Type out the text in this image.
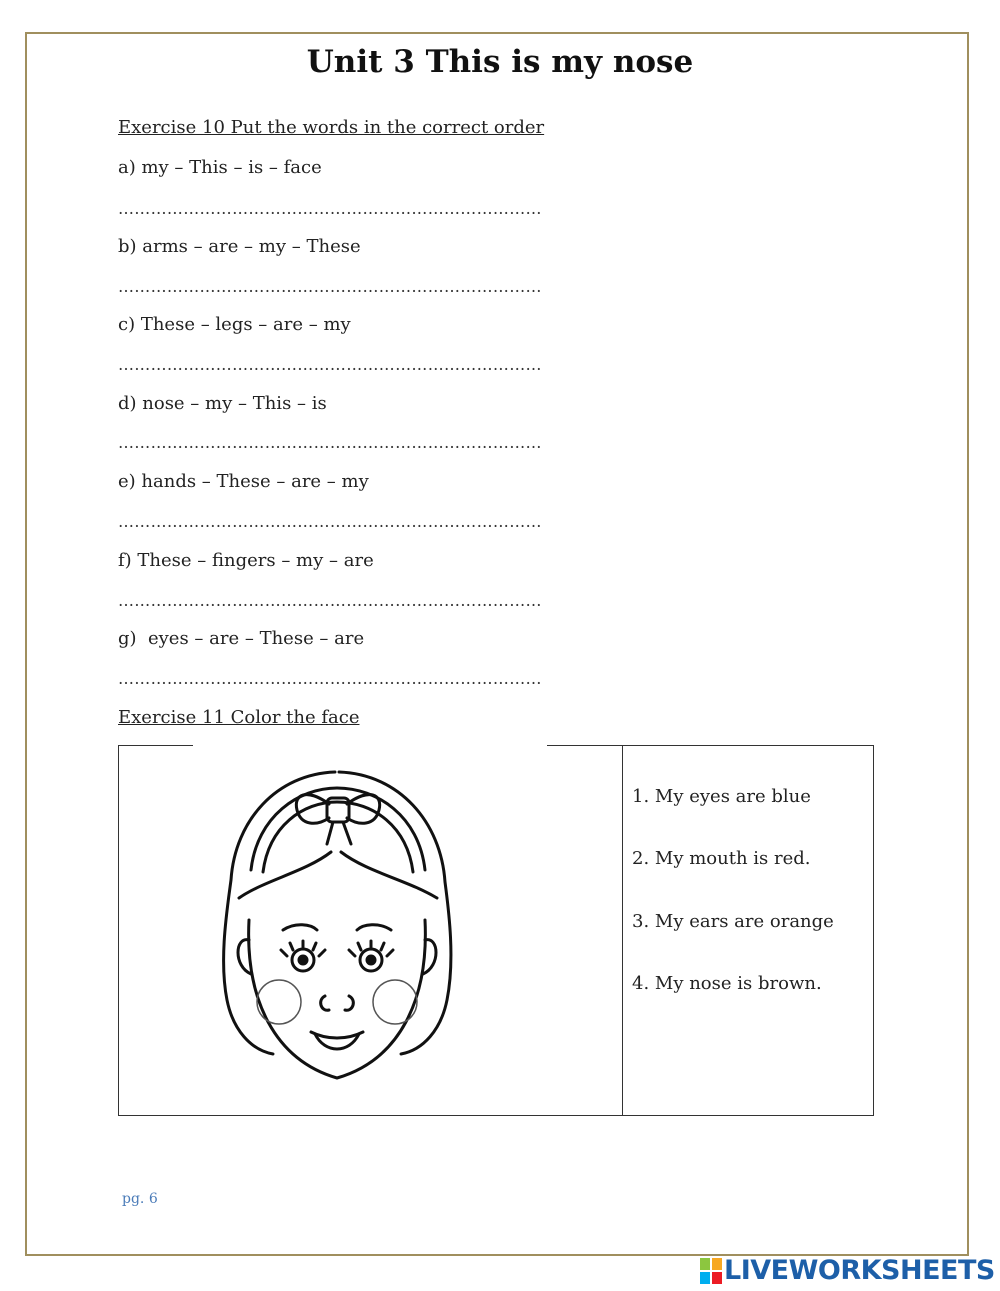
Unit 3 This is my nose
Exercise 10 Put the words in the correct order
a) my – This – is – face
……………………………………………………………………
b) arms – are – my – These
……………………………………………………………………
c) These – legs – are – my
……………………………………………………………………
d) nose – my – This – is
……………………………………………………………………
e) hands – These – are – my
……………………………………………………………………
f) These – fingers – my – are
……………………………………………………………………
g)  eyes – are – These – are
……………………………………………………………………
Exercise 11 Color the face
1. My eyes are blue
2. My mouth is red.
3. My ears are orange
4. My nose is brown.
pg. 6
LIVEWORKSHEETS
